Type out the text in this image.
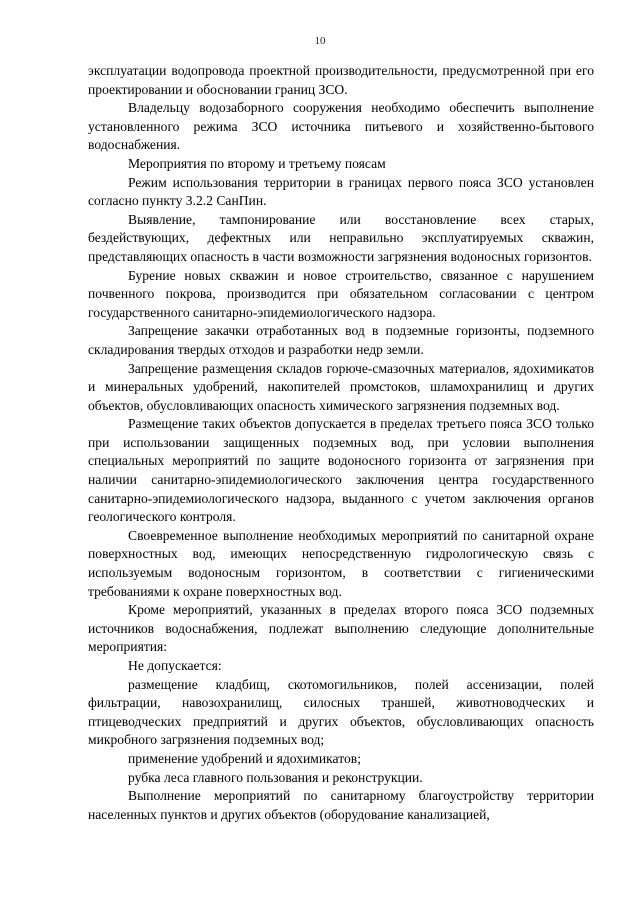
10

эксплуатации водопровода проектной производительности, предусмотренной при его проектировании и обосновании границ ЗСО.

Владельцу водозаборного сооружения необходимо обеспечить выполнение установленного режима ЗСО источника питьевого и хозяйственно-бытового водоснабжения.

Мероприятия по второму и третьему поясам

Режим использования территории в границах первого пояса ЗСО установлен согласно пункту 3.2.2 СанПин.

Выявление, тампонирование или восстановление всех старых, бездействующих, дефектных или неправильно эксплуатируемых скважин, представляющих опасность в части возможности загрязнения водоносных горизонтов.

Бурение новых скважин и новое строительство, связанное с нарушением почвенного покрова, производится при обязательном согласовании с центром государственного санитарно-эпидемиологического надзора.

Запрещение закачки отработанных вод в подземные горизонты, подземного складирования твердых отходов и разработки недр земли.

Запрещение размещения складов горюче-смазочных материалов, ядохимикатов и минеральных удобрений, накопителей промстоков, шламохранилищ и других объектов, обусловливающих опасность химического загрязнения подземных вод.

Размещение таких объектов допускается в пределах третьего пояса ЗСО только при использовании защищенных подземных вод, при условии выполнения специальных мероприятий по защите водоносного горизонта от загрязнения при наличии санитарно-эпидемиологического заключения центра государственного санитарно-эпидемиологического надзора, выданного с учетом заключения органов геологического контроля.

Своевременное выполнение необходимых мероприятий по санитарной охране поверхностных вод, имеющих непосредственную гидрологическую связь с используемым водоносным горизонтом, в соответствии с гигиеническими требованиями к охране поверхностных вод.

Кроме мероприятий, указанных в пределах второго пояса ЗСО подземных источников водоснабжения, подлежат выполнению следующие дополнительные мероприятия:

Не допускается:

размещение кладбищ, скотомогильников, полей ассенизации, полей фильтрации, навозохранилищ, силосных траншей, животноводческих и птицеводческих предприятий и других объектов, обусловливающих опасность микробного загрязнения подземных вод;

применение удобрений и ядохимикатов;

рубка леса главного пользования и реконструкции.

Выполнение мероприятий по санитарному благоустройству территории населенных пунктов и других объектов (оборудование канализацией,
